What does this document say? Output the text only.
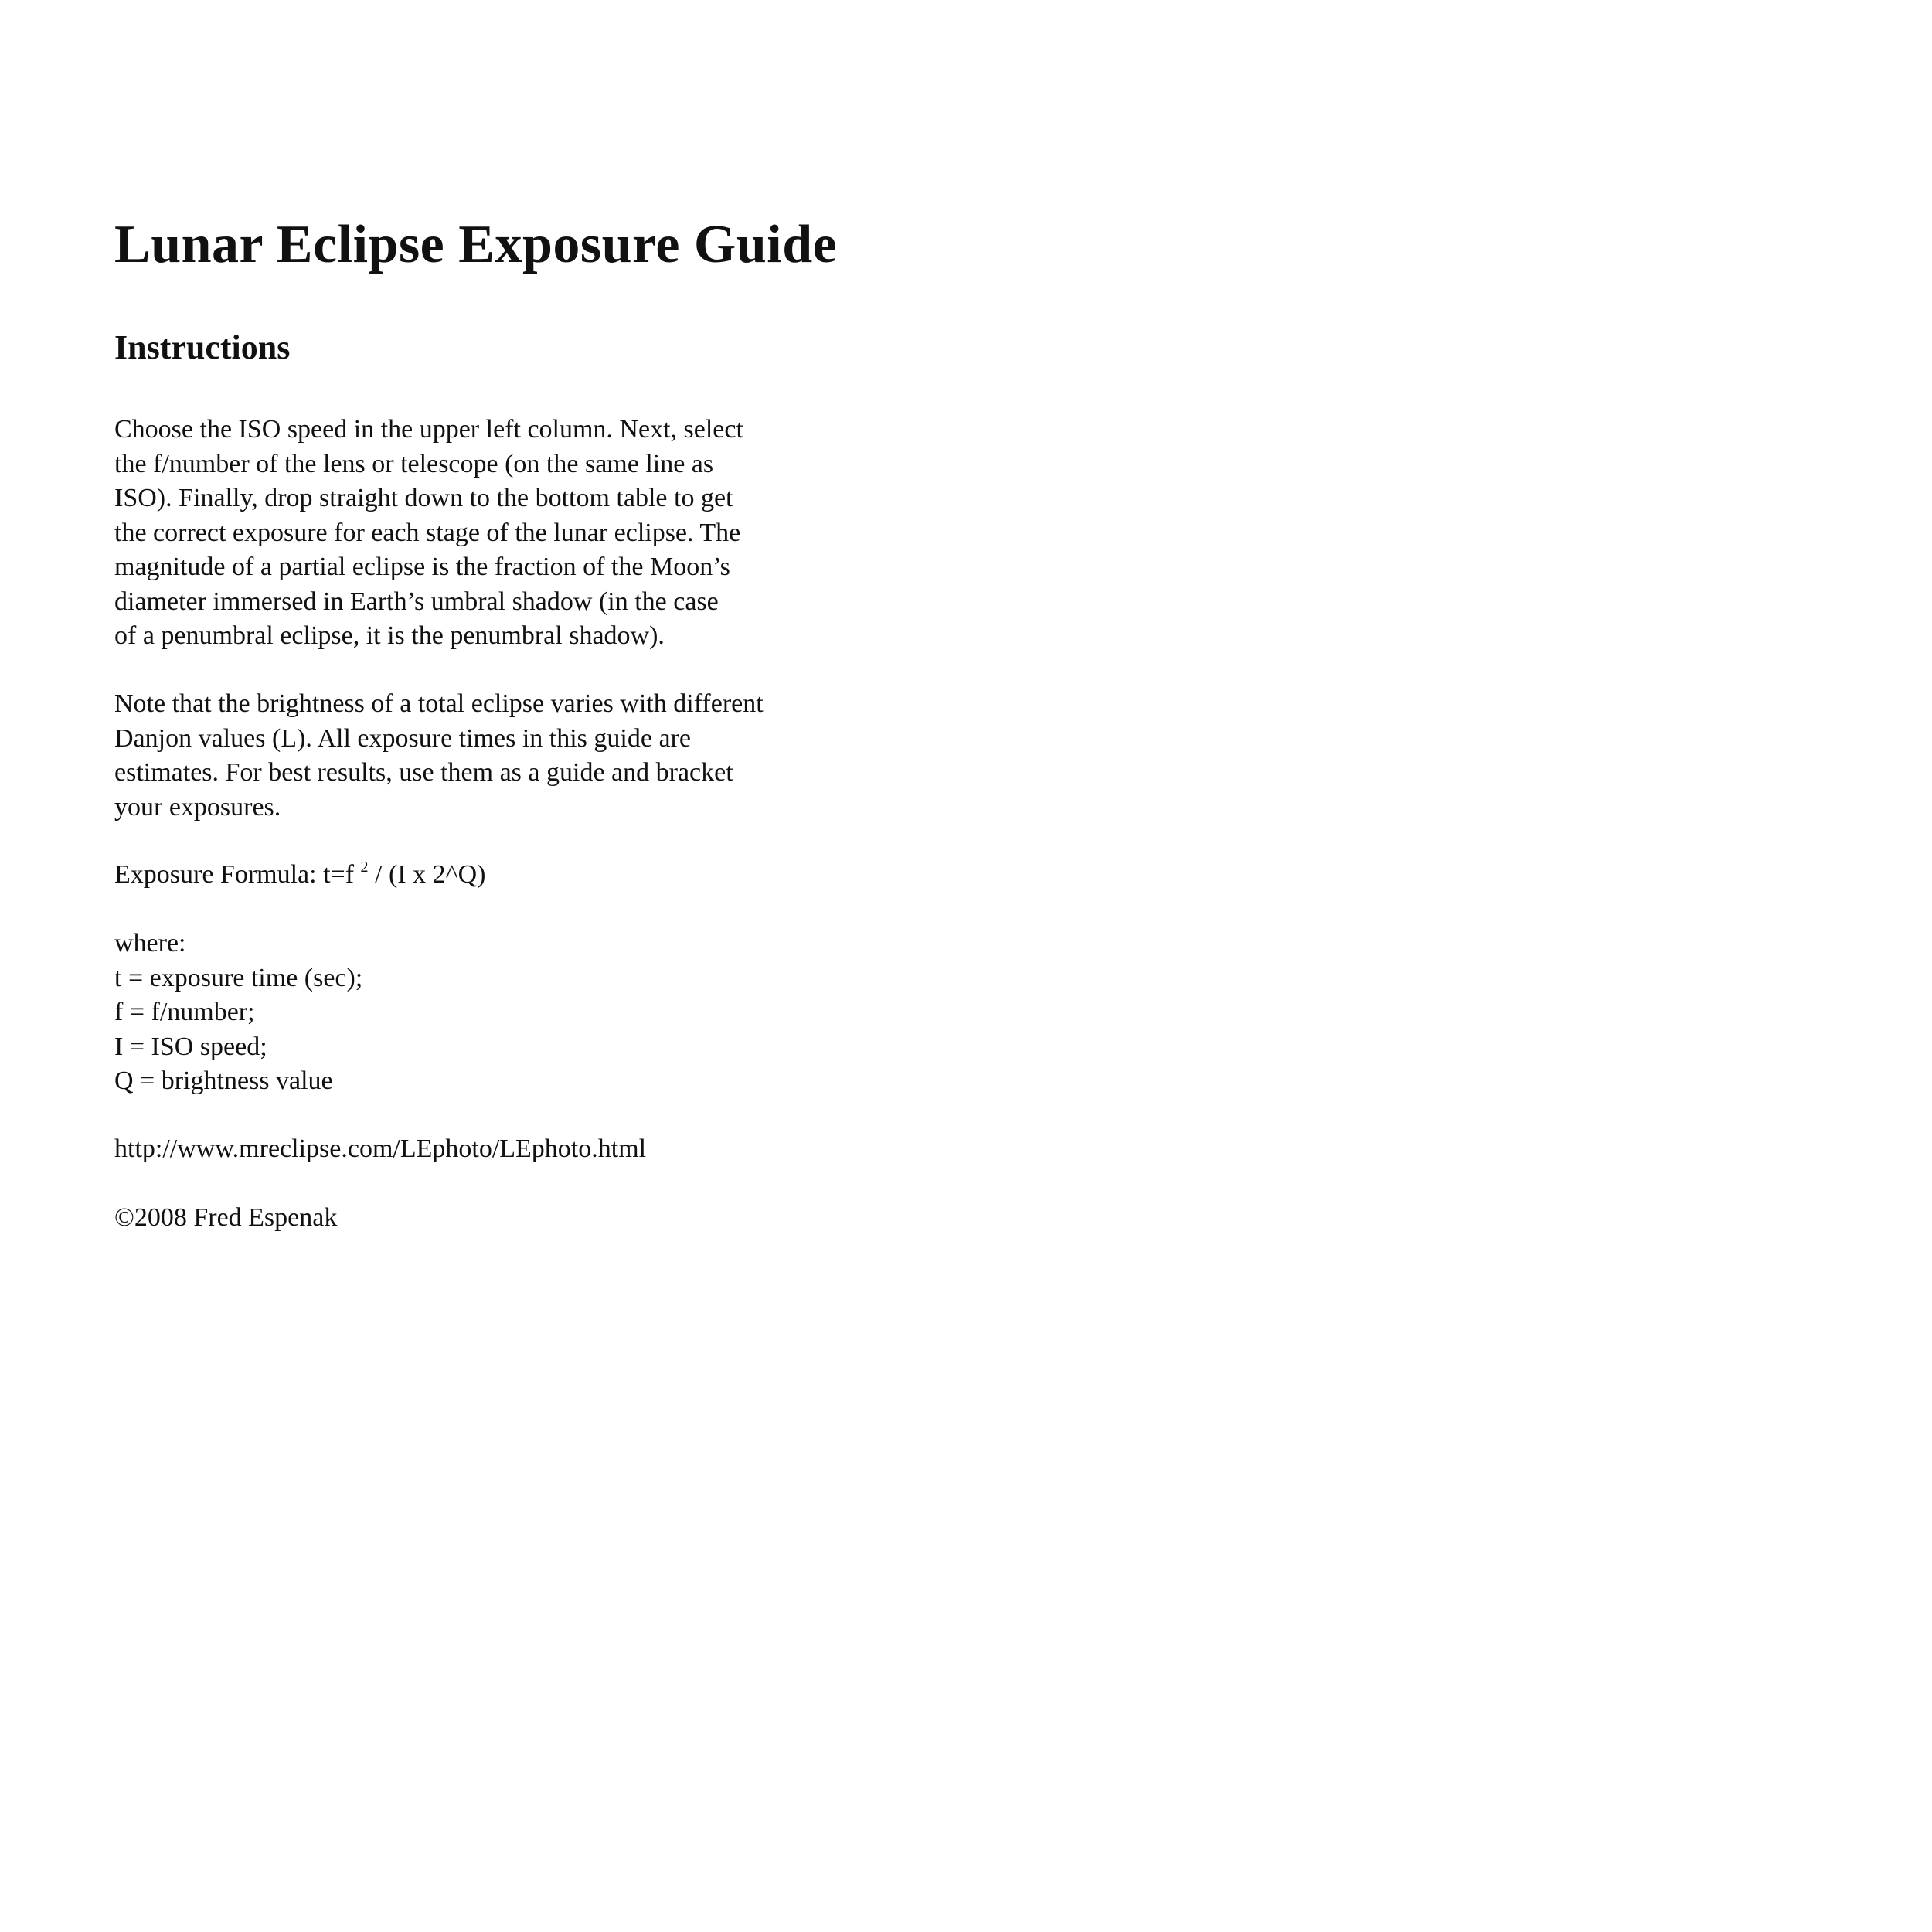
Lunar Eclipse Exposure Guide
Instructions
Choose the ISO speed in the upper left column. Next, select
the f/number of the lens or telescope (on the same line as
ISO). Finally, drop straight down to the bottom table to get
the correct exposure for each stage of the lunar eclipse. The
magnitude of a partial eclipse is the fraction of the Moon’s
diameter immersed in Earth’s umbral shadow (in the case
of a penumbral eclipse, it is the penumbral shadow).
Note that the brightness of a total eclipse varies with different
Danjon values (L). All exposure times in this guide are
estimates. For best results, use them as a guide and bracket
your exposures.
Exposure Formula: t=f $^2$ / (I x 2^Q)
where:
t = exposure time (sec);
f = f/number;
I = ISO speed;
Q = brightness value
http://www.mreclipse.com/LEphoto/LEphoto.html
©2008 Fred Espenak
